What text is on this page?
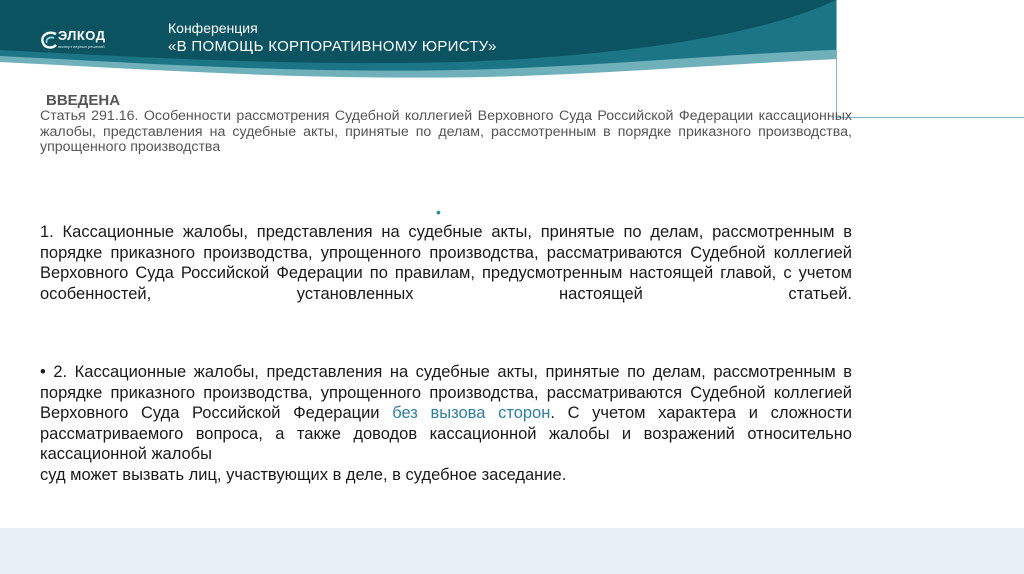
ЭЛКОД
эксперт верных решений
Конференция
«В ПОМОЩЬ КОРПОРАТИВНОМУ ЮРИСТУ»
ВВЕДЕНА
Статья 291.16. Особенности рассмотрения Судебной коллегией Верховного Суда Российской Федерации кассационных жалобы, представления на судебные акты, принятые по делам, рассмотренным в порядке приказного производства, упрощенного производства
•
1. Кассационные жалобы, представления на судебные акты, принятые по делам, рассмотренным в порядке приказного производства, упрощенного производства, рассматриваются Судебной коллегией Верховного Суда Российской Федерации по правилам, предусмотренным настоящей главой, с учетом особенностей, установленных настоящей статьей.
• 2. Кассационные жалобы, представления на судебные акты, принятые по делам, рассмотренным в порядке приказного производства, упрощенного производства, рассматриваются Судебной коллегией Верховного Суда Российской Федерации без вызова сторон. С учетом характера и сложности рассматриваемого вопроса, а также доводов кассационной жалобы и возражений относительно кассационной жалобы
суд может вызвать лиц, участвующих в деле, в судебное заседание.
